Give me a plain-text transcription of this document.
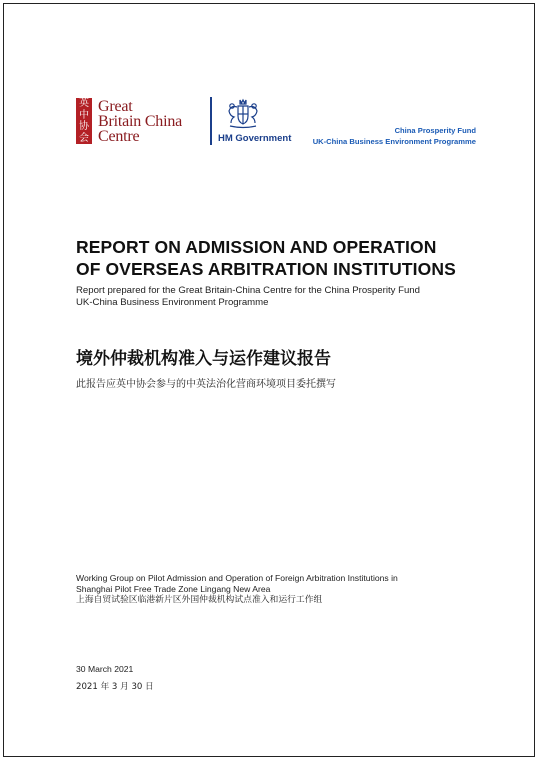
英
中
协
会
Great
Britain China
Centre	HM Government
China Prosperity Fund
UK-China Business Environment Programme
REPORT ON ADMISSION AND OPERATION
OF OVERSEAS ARBITRATION INSTITUTIONS
Report prepared for the Great Britain-China Centre for the China Prosperity Fund
UK-China Business Environment Programme
境外仲裁机构准入与运作建议报告
此报告应英中协会参与的中英法治化营商环境项目委托撰写
Working Group on Pilot Admission and Operation of Foreign Arbitration Institutions in
Shanghai Pilot Free Trade Zone Lingang New Area
上海自贸试验区临港新片区外国仲裁机构试点准入和运行工作组
30 March 2021
2021 年 3 月 30 日
